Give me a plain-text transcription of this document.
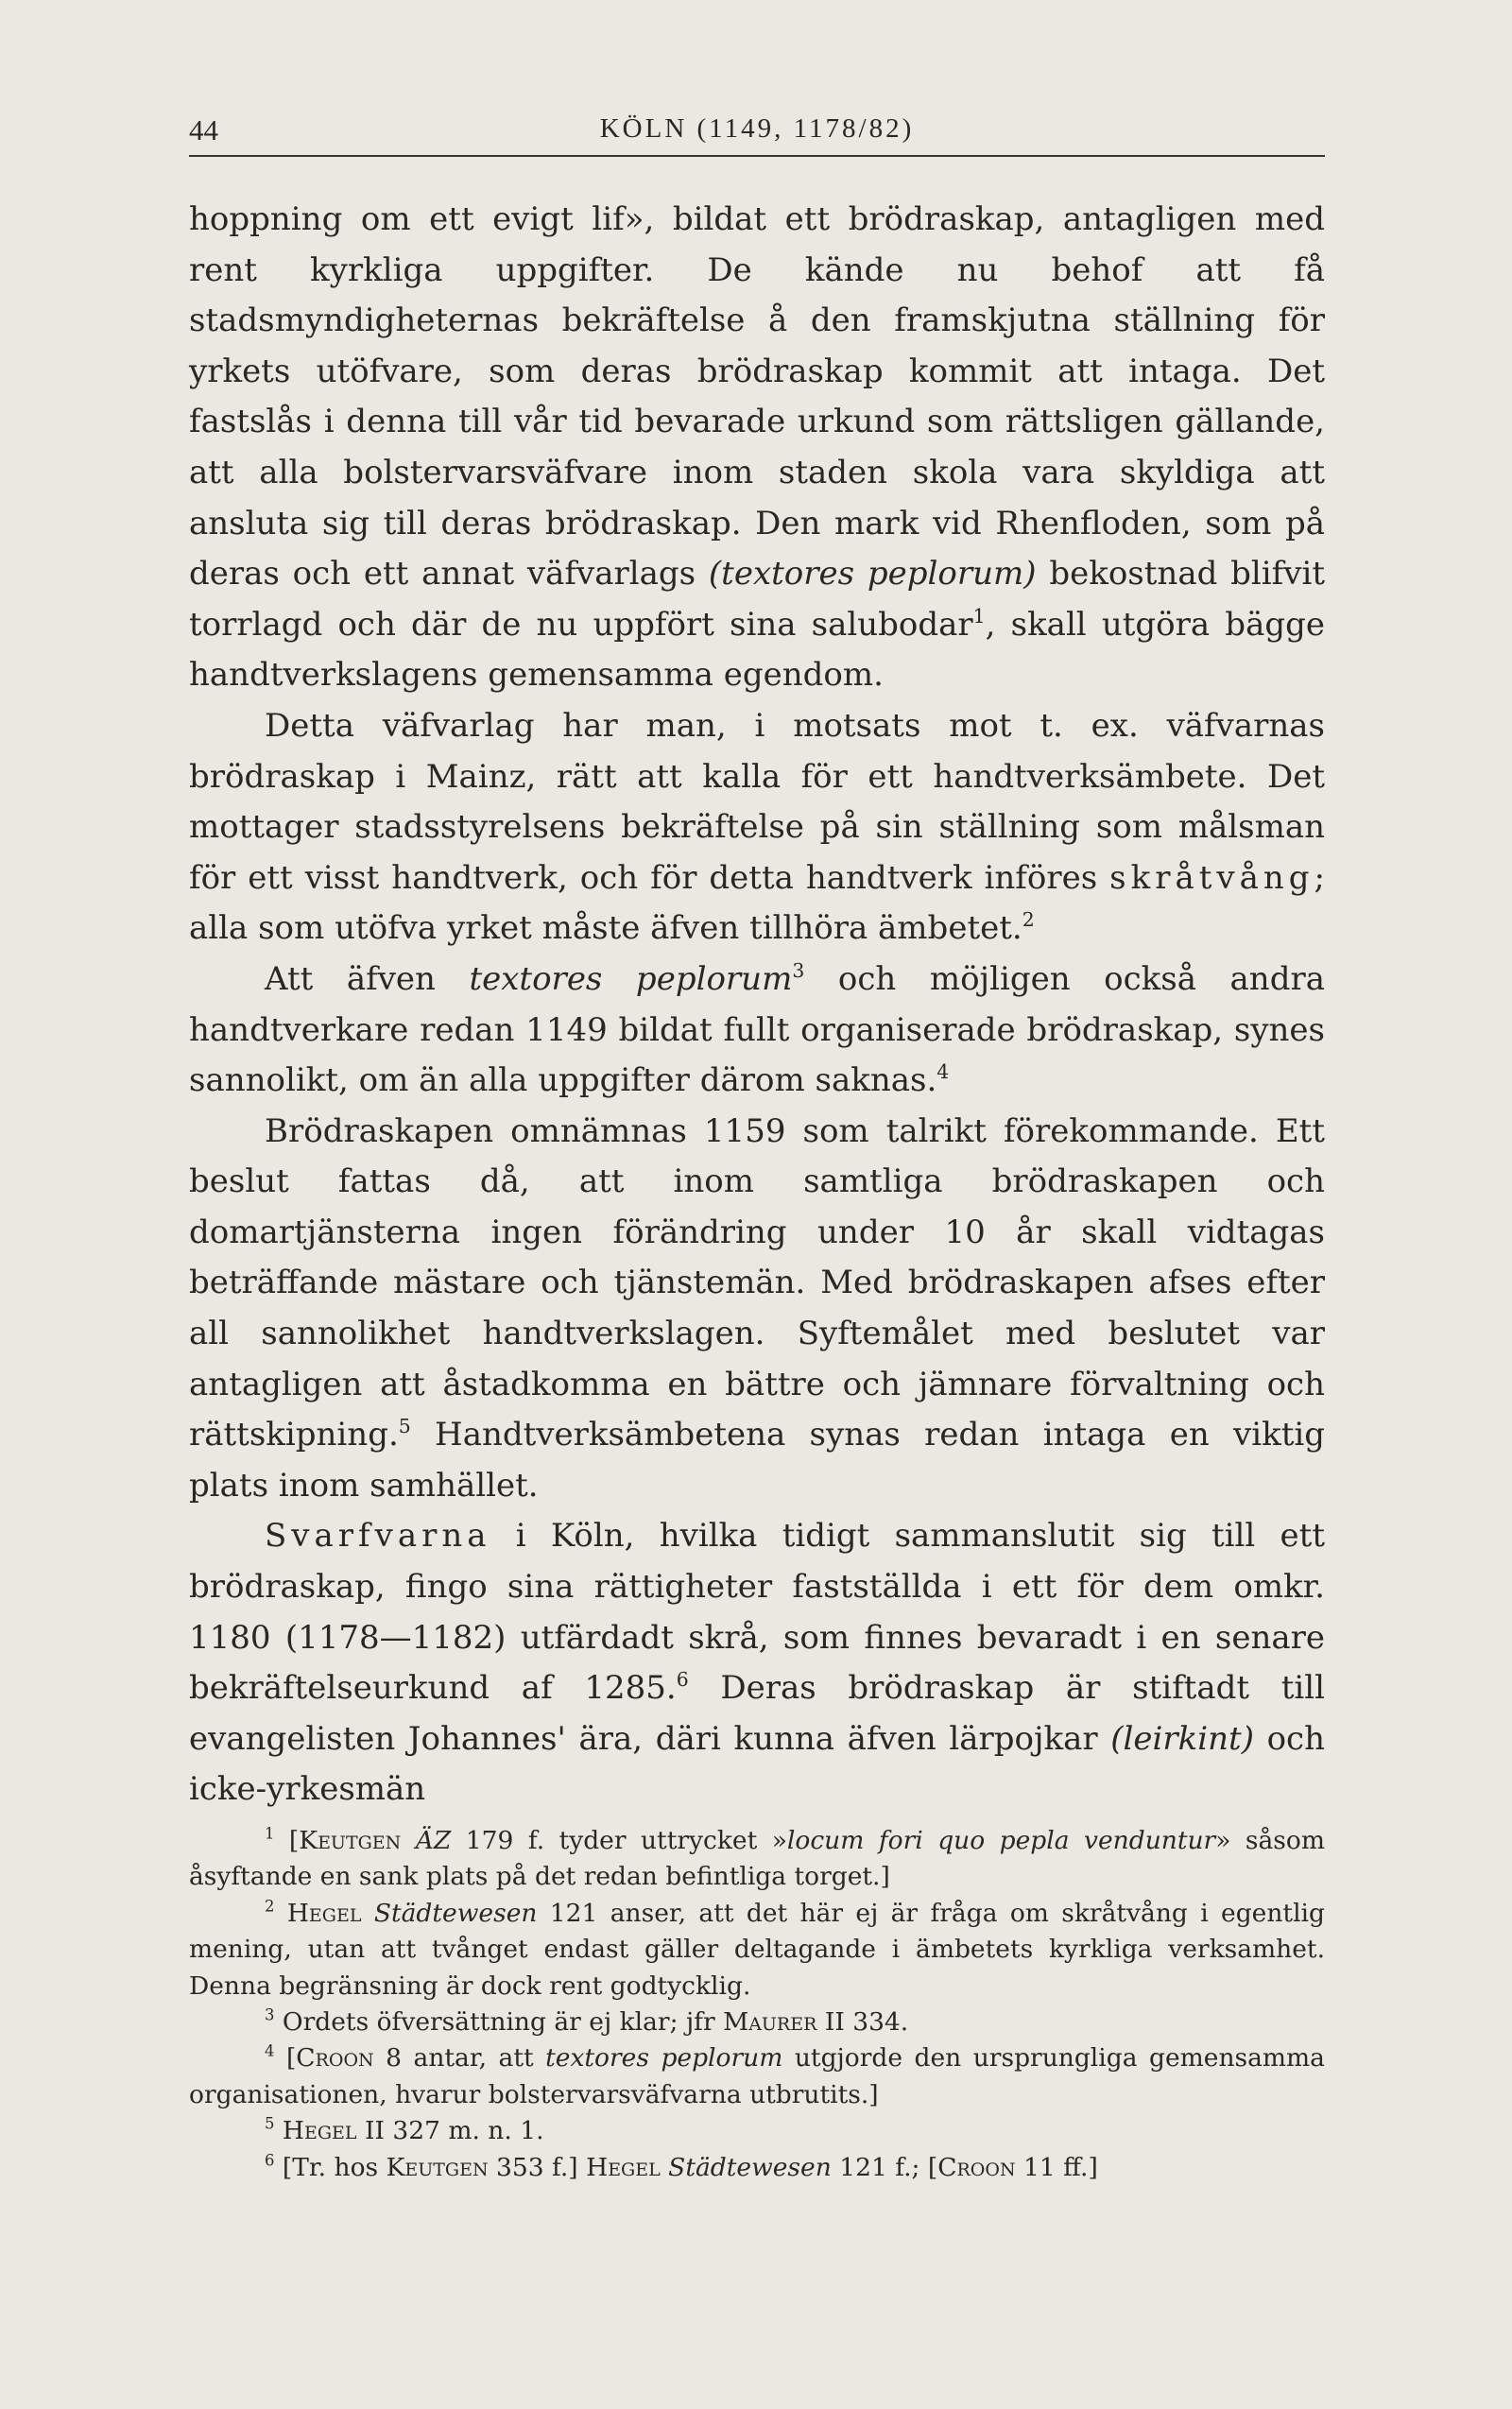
44	KÖLN (1149, 1178/82)

hoppning om ett evigt lif», bildat ett brödraskap, antagligen med rent kyrkliga uppgifter. De kände nu behof att få stadsmyndigheternas bekräftelse å den framskjutna ställning för yrkets utöfvare, som deras brödraskap kommit att intaga. Det fastslås i denna till vår tid bevarade urkund som rättsligen gällande, att alla bolstervarsväfvare inom staden skola vara skyldiga att ansluta sig till deras brödraskap. Den mark vid Rhenfloden, som på deras och ett annat väfvarlags (textores peplorum) bekostnad blifvit torrlagd och där de nu uppfört sina salubodar$^1$, skall utgöra bägge handtverkslagens gemensamma egendom.

Detta väfvarlag har man, i motsats mot t. ex. väfvarnas brödraskap i Mainz, rätt att kalla för ett handtverksämbete. Det mottager stadsstyrelsens bekräftelse på sin ställning som målsman för ett visst handtverk, och för detta handtverk införes skråtvång; alla som utöfva yrket måste äfven tillhöra ämbetet.$^2$

Att äfven textores peplorum$^3$ och möjligen också andra handtverkare redan 1149 bildat fullt organiserade brödraskap, synes sannolikt, om än alla uppgifter därom saknas.$^4$

Brödraskapen omnämnas 1159 som talrikt förekommande. Ett beslut fattas då, att inom samtliga brödraskapen och domartjänsterna ingen förändring under 10 år skall vidtagas beträffande mästare och tjänstemän. Med brödraskapen afses efter all sannolikhet handtverkslagen. Syftemålet med beslutet var antagligen att åstadkomma en bättre och jämnare förvaltning och rättskipning.$^5$ Handtverksämbetena synas redan intaga en viktig plats inom samhället.

Svarfvarna i Köln, hvilka tidigt sammanslutit sig till ett brödraskap, fingo sina rättigheter fastställda i ett för dem omkr. 1180 (1178—1182) utfärdadt skrå, som finnes bevaradt i en senare bekräftelseurkund af 1285.$^6$ Deras brödraskap är stiftadt till evangelisten Johannes' ära, däri kunna äfven lärpojkar (leirkint) och icke-yrkesmän

$^1$ [Keutgen ÄZ 179 f. tyder uttrycket »locum fori quo pepla venduntur» såsom åsyftande en sank plats på det redan befintliga torget.]

$^2$ Hegel Städtewesen 121 anser, att det här ej är fråga om skråtvång i egentlig mening, utan att tvånget endast gäller deltagande i ämbetets kyrkliga verksamhet. Denna begränsning är dock rent godtycklig.

$^3$ Ordets öfversättning är ej klar; jfr Maurer II 334.

$^4$ [Croon 8 antar, att textores peplorum utgjorde den ursprungliga gemensamma organisationen, hvarur bolstervarsväfvarna utbrutits.]

$^5$ Hegel II 327 m. n. 1.

$^6$ [Tr. hos Keutgen 353 f.] Hegel Städtewesen 121 f.; [Croon 11 ff.]
